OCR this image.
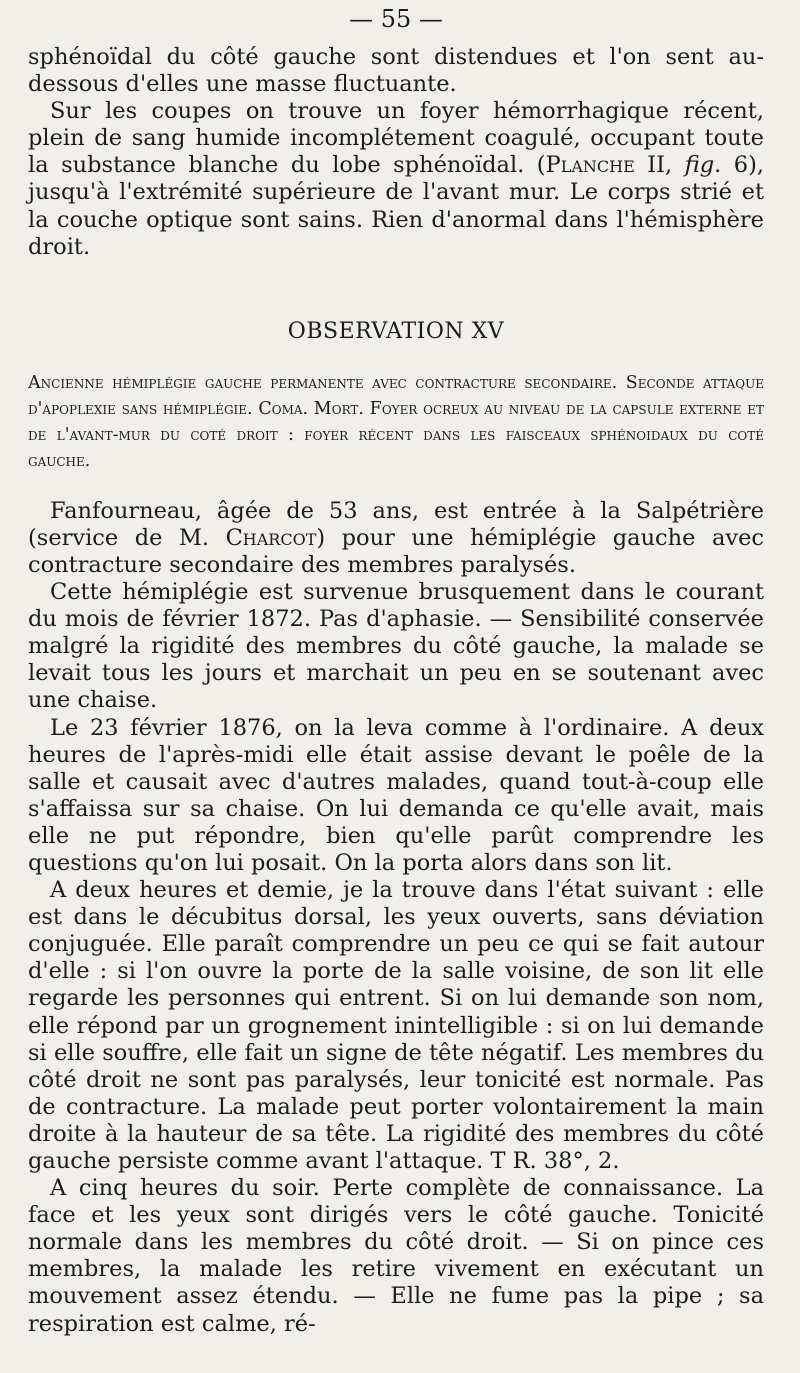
— 55 —

sphénoïdal du côté gauche sont distendues et l'on sent au-dessous d'elles une masse fluctuante.

Sur les coupes on trouve un foyer hémorrhagique récent, plein de sang humide incomplétement coagulé, occupant toute la substance blanche du lobe sphénoïdal. (Planche II, fig. 6), jusqu'à l'extrémité supérieure de l'avant mur. Le corps strié et la couche optique sont sains. Rien d'anormal dans l'hémisphère droit.

OBSERVATION XV

Ancienne hémiplégie gauche permanente avec contracture secondaire. Seconde attaque d'apoplexie sans hémiplégie. Coma. Mort. Foyer ocreux au niveau de la capsule externe et de l'avant-mur du coté droit : foyer récent dans les faisceaux sphénoidaux du coté gauche.

Fanfourneau, âgée de 53 ans, est entrée à la Salpétrière (service de M. Charcot) pour une hémiplégie gauche avec contracture secondaire des membres paralysés.

Cette hémiplégie est survenue brusquement dans le courant du mois de février 1872. Pas d'aphasie. — Sensibilité conservée malgré la rigidité des membres du côté gauche, la malade se levait tous les jours et marchait un peu en se soutenant avec une chaise.

Le 23 février 1876, on la leva comme à l'ordinaire. A deux heures de l'après-midi elle était assise devant le poêle de la salle et causait avec d'autres malades, quand tout-à-coup elle s'affaissa sur sa chaise. On lui demanda ce qu'elle avait, mais elle ne put répondre, bien qu'elle parût comprendre les questions qu'on lui posait. On la porta alors dans son lit.

A deux heures et demie, je la trouve dans l'état suivant : elle est dans le décubitus dorsal, les yeux ouverts, sans déviation conjuguée. Elle paraît comprendre un peu ce qui se fait autour d'elle : si l'on ouvre la porte de la salle voisine, de son lit elle regarde les personnes qui entrent. Si on lui demande son nom, elle répond par un grognement inintelligible : si on lui demande si elle souffre, elle fait un signe de tête négatif. Les membres du côté droit ne sont pas paralysés, leur tonicité est normale. Pas de contracture. La malade peut porter volontairement la main droite à la hauteur de sa tête. La rigidité des membres du côté gauche persiste comme avant l'attaque. T R. 38°, 2.

A cinq heures du soir. Perte complète de connaissance. La face et les yeux sont dirigés vers le côté gauche. Tonicité normale dans les membres du côté droit. — Si on pince ces membres, la malade les retire vivement en exécutant un mouvement assez étendu. — Elle ne fume pas la pipe ; sa respiration est calme, ré-
